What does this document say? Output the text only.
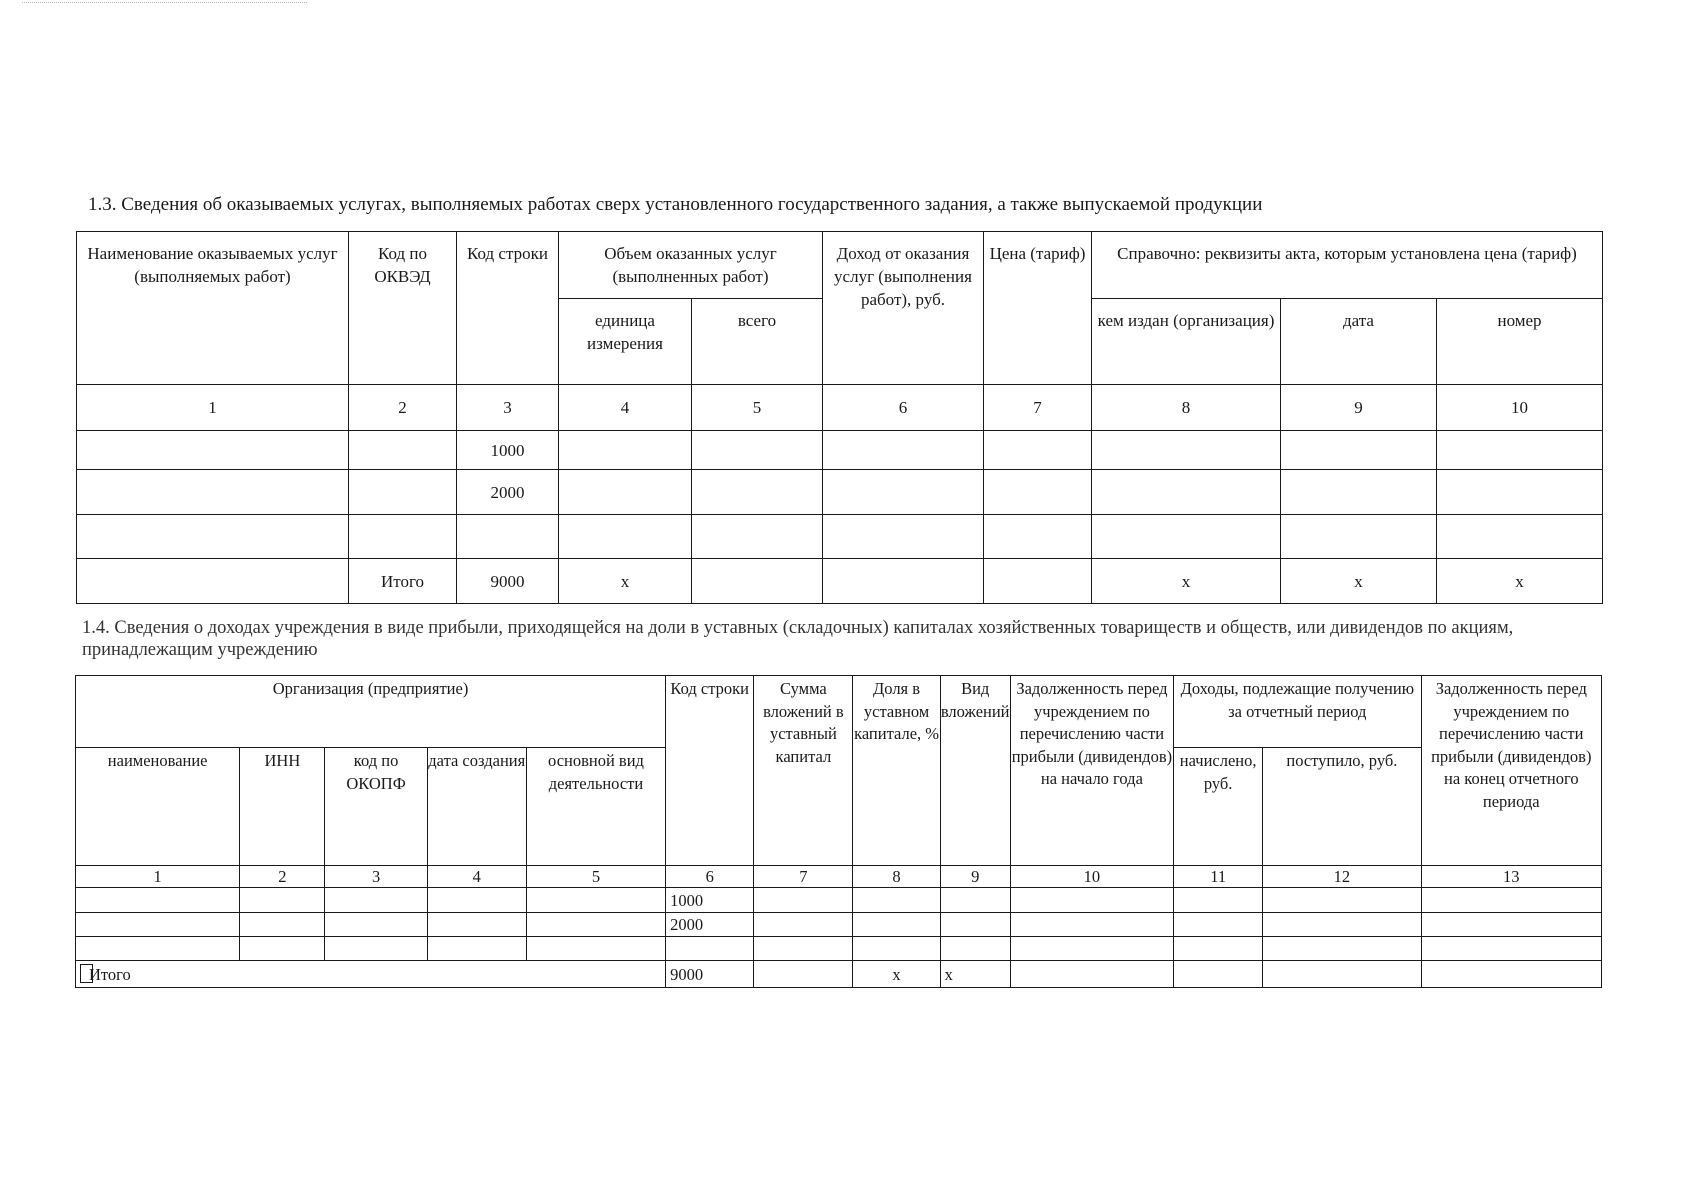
1.3. Сведения об оказываемых услугах, выполняемых работах сверх установленного государственного задания, а также выпускаемой продукции
Наименование оказываемых услуг (выполняемых работ)	Код по ОКВЭД	Код строки	Объем оказанных услуг (выполненных работ)		Доход от оказания услуг (выполнения работ), руб.	Цена (тариф)	Справочно: реквизиты акта, которым установлена цена (тариф)		
			единица измерения	всего			кем издан (организация)	дата	номер
1	2	3	4	5	6	7	8	9	10
		1000							
		2000							

	Итого	9000	х				х	х	х
1.4. Сведения о доходах учреждения в виде прибыли, приходящейся на доли в уставных (складочных) капиталах хозяйственных товариществ и обществ, или дивидендов по акциям, принадлежащим учреждению
Организация (предприятие)					Код строки	Сумма вложений в уставный капитал	Доля в уставном капитале, %	Вид вложений	Задолженность перед учреждением по перечислению части прибыли (дивидендов) на начало года	Доходы, подлежащие получению за отчетный период		Задолженность перед учреждением по перечислению части прибыли (дивидендов) на конец отчетного периода
наименование	ИНН	код по ОКОПФ	дата создания	основной вид деятельности						начислено, руб.	поступило, руб.	
1	2	3	4	5	6	7	8	9	10	11	12	13
					1000							
					2000							

Итого					9000		х	х				
